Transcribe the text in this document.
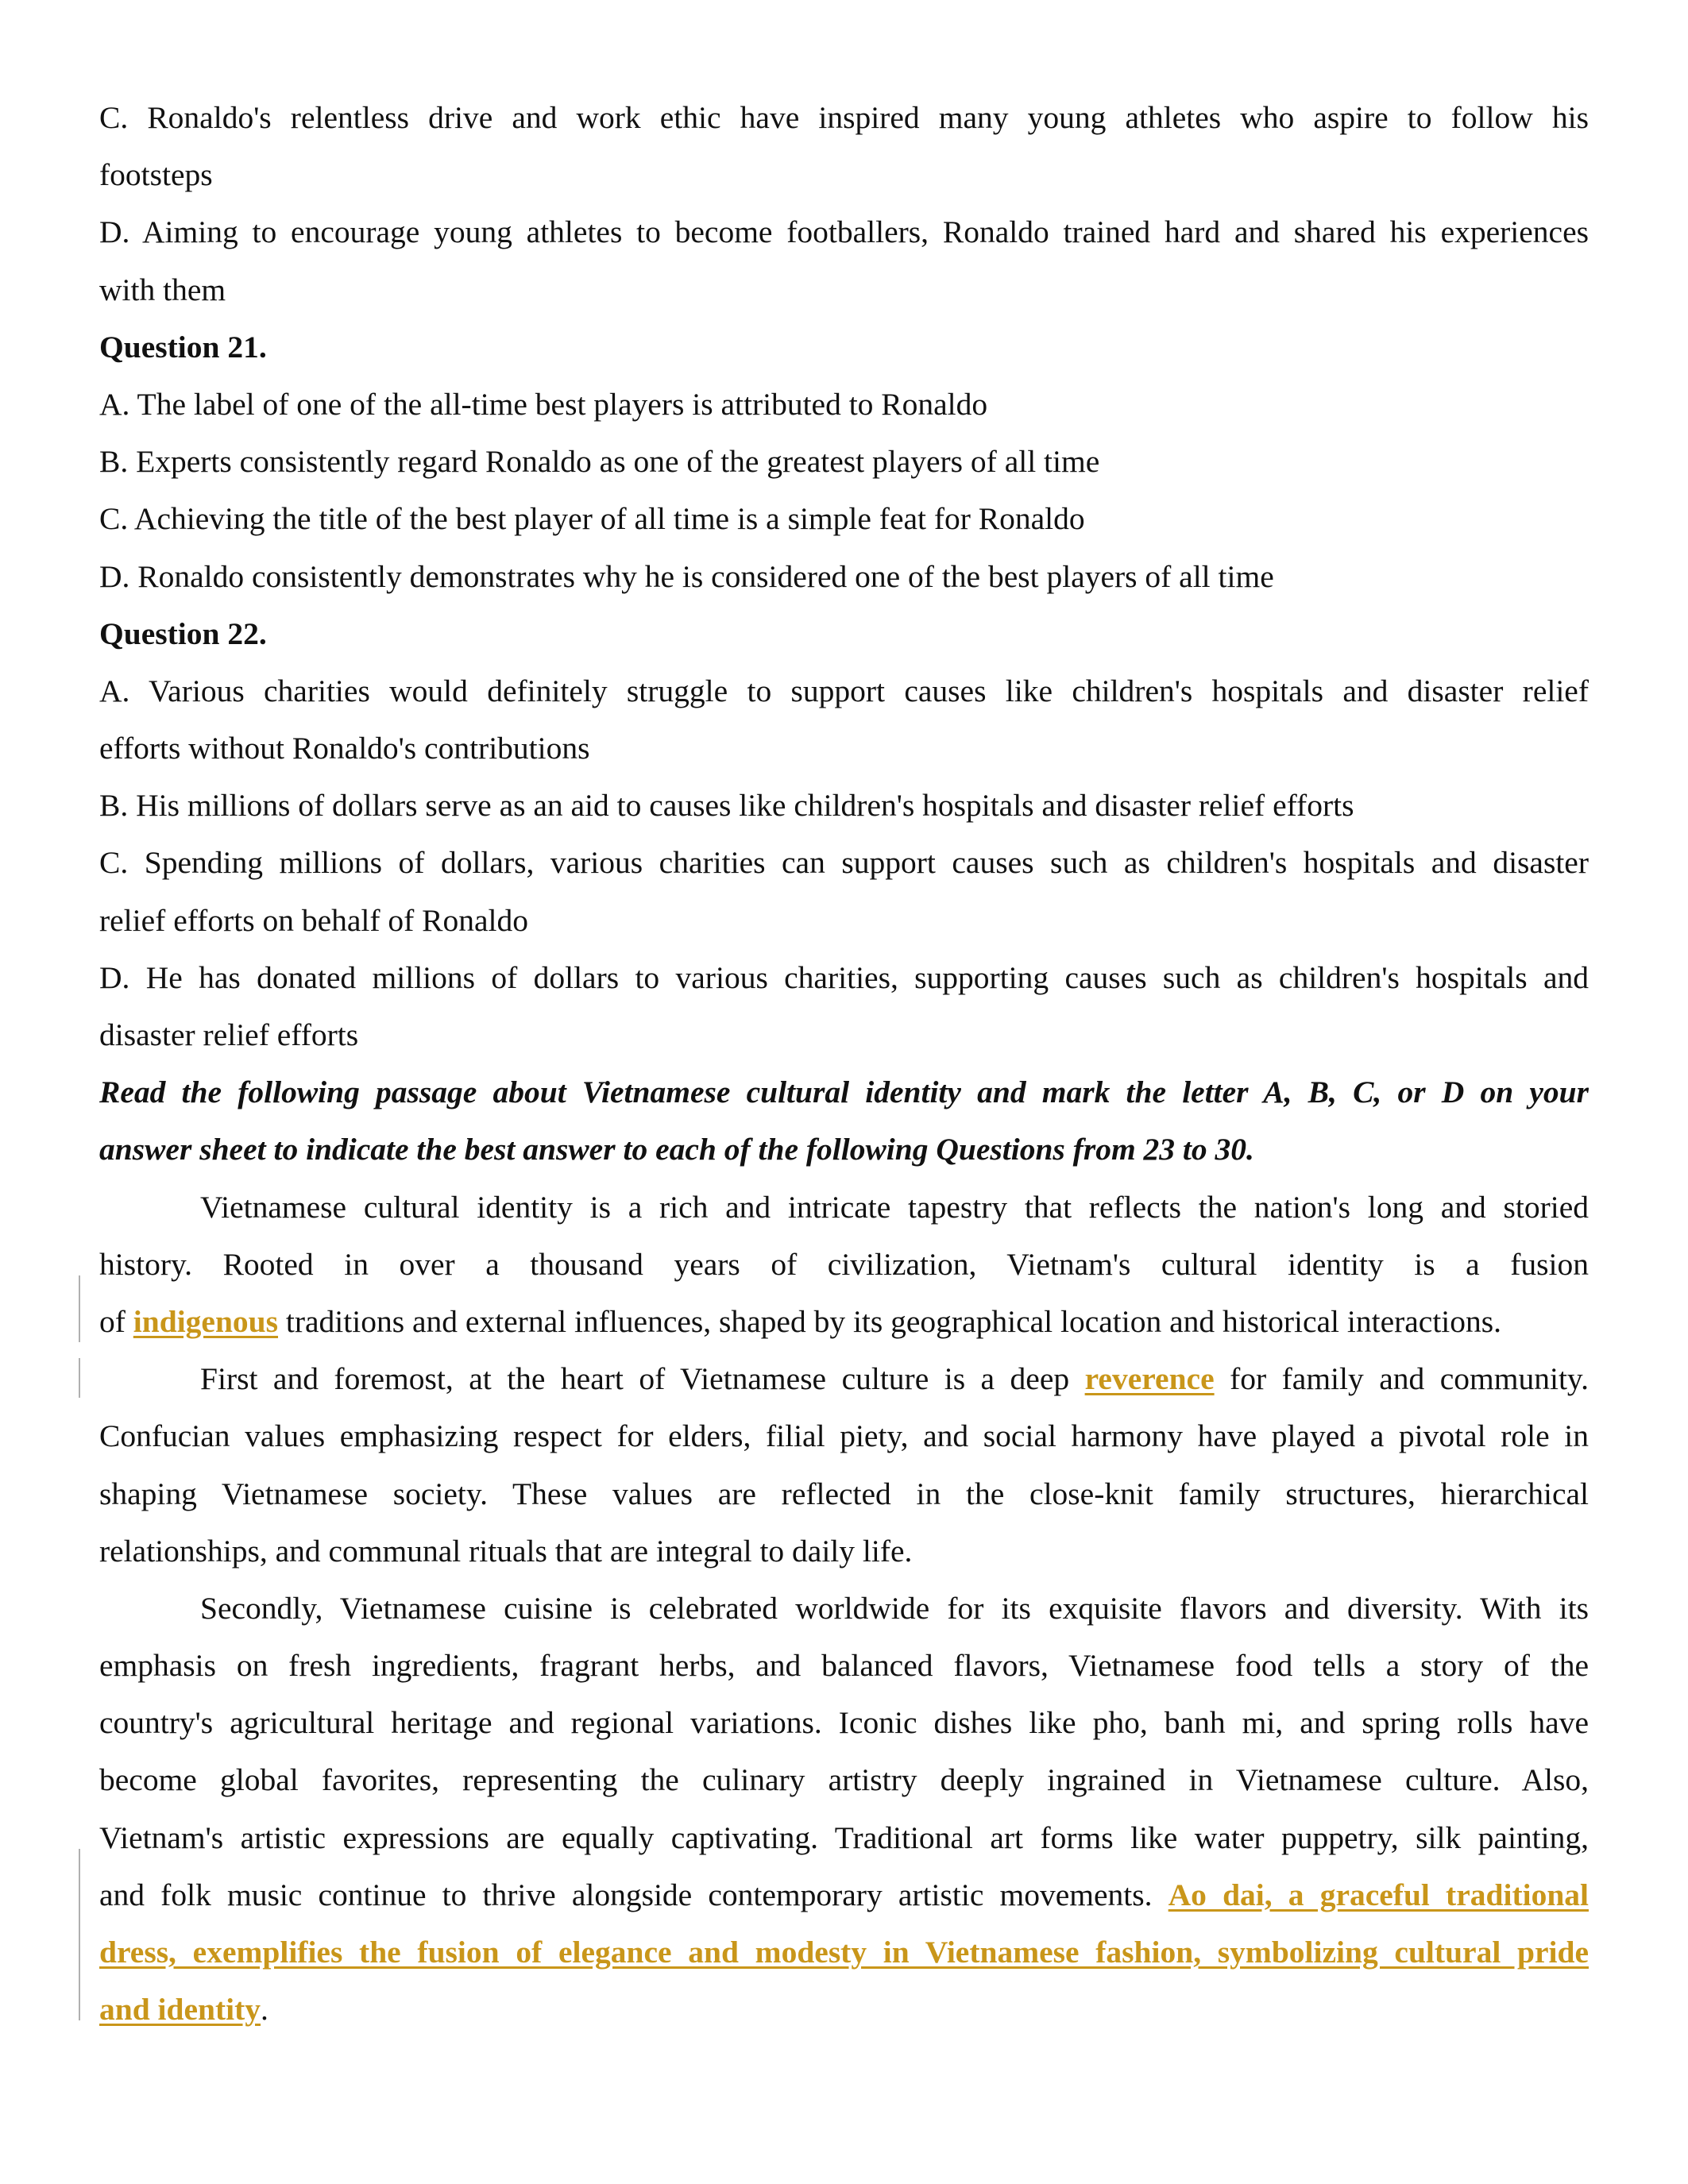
C. Ronaldo's relentless drive and work ethic have inspired many young athletes who aspire to follow his
footsteps
D. Aiming to encourage young athletes to become footballers, Ronaldo trained hard and shared his experiences
with them
Question 21.
A. The label of one of the all-time best players is attributed to Ronaldo
B. Experts consistently regard Ronaldo as one of the greatest players of all time
C. Achieving the title of the best player of all time is a simple feat for Ronaldo
D. Ronaldo consistently demonstrates why he is considered one of the best players of all time
Question 22.
A. Various charities would definitely struggle to support causes like children's hospitals and disaster relief
efforts without Ronaldo's contributions
B. His millions of dollars serve as an aid to causes like children's hospitals and disaster relief efforts
C. Spending millions of dollars, various charities can support causes such as children's hospitals and disaster
relief efforts on behalf of Ronaldo
D. He has donated millions of dollars to various charities, supporting causes such as children's hospitals and
disaster relief efforts
Read the following passage about Vietnamese cultural identity and mark the letter A, B, C, or D on your
answer sheet to indicate the best answer to each of the following Questions from 23 to 30.
Vietnamese cultural identity is a rich and intricate tapestry that reflects the nation's long and storied
history. Rooted in over a thousand years of civilization, Vietnam's cultural identity is a fusion
of indigenous traditions and external influences, shaped by its geographical location and historical interactions.
First and foremost, at the heart of Vietnamese culture is a deep reverence for family and community.
Confucian values emphasizing respect for elders, filial piety, and social harmony have played a pivotal role in
shaping Vietnamese society. These values are reflected in the close-knit family structures, hierarchical
relationships, and communal rituals that are integral to daily life.
Secondly, Vietnamese cuisine is celebrated worldwide for its exquisite flavors and diversity. With its
emphasis on fresh ingredients, fragrant herbs, and balanced flavors, Vietnamese food tells a story of the
country's agricultural heritage and regional variations. Iconic dishes like pho, banh mi, and spring rolls have
become global favorites, representing the culinary artistry deeply ingrained in Vietnamese culture. Also,
Vietnam's artistic expressions are equally captivating. Traditional art forms like water puppetry, silk painting,
and folk music continue to thrive alongside contemporary artistic movements. Ao dai, a graceful traditional
dress, exemplifies the fusion of elegance and modesty in Vietnamese fashion, symbolizing cultural pride
and identity.
